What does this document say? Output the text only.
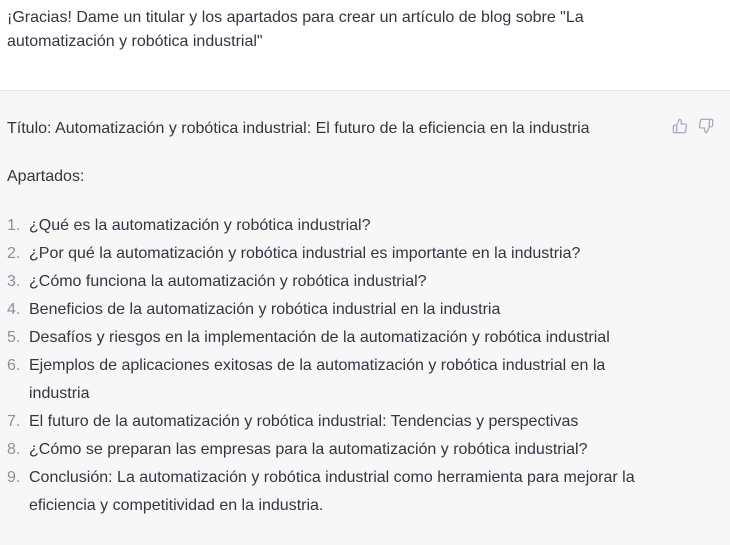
¡Gracias! Dame un titular y los apartados para crear un artículo de blog sobre "La automatización y robótica industrial"
Título: Automatización y robótica industrial: El futuro de la eficiencia en la industria
Apartados:
1. ¿Qué es la automatización y robótica industrial?
2. ¿Por qué la automatización y robótica industrial es importante en la industria?
3. ¿Cómo funciona la automatización y robótica industrial?
4. Beneficios de la automatización y robótica industrial en la industria
5. Desafíos y riesgos en la implementación de la automatización y robótica industrial
6. Ejemplos de aplicaciones exitosas de la automatización y robótica industrial en la industria
7. El futuro de la automatización y robótica industrial: Tendencias y perspectivas
8. ¿Cómo se preparan las empresas para la automatización y robótica industrial?
9. Conclusión: La automatización y robótica industrial como herramienta para mejorar la eficiencia y competitividad en la industria.
